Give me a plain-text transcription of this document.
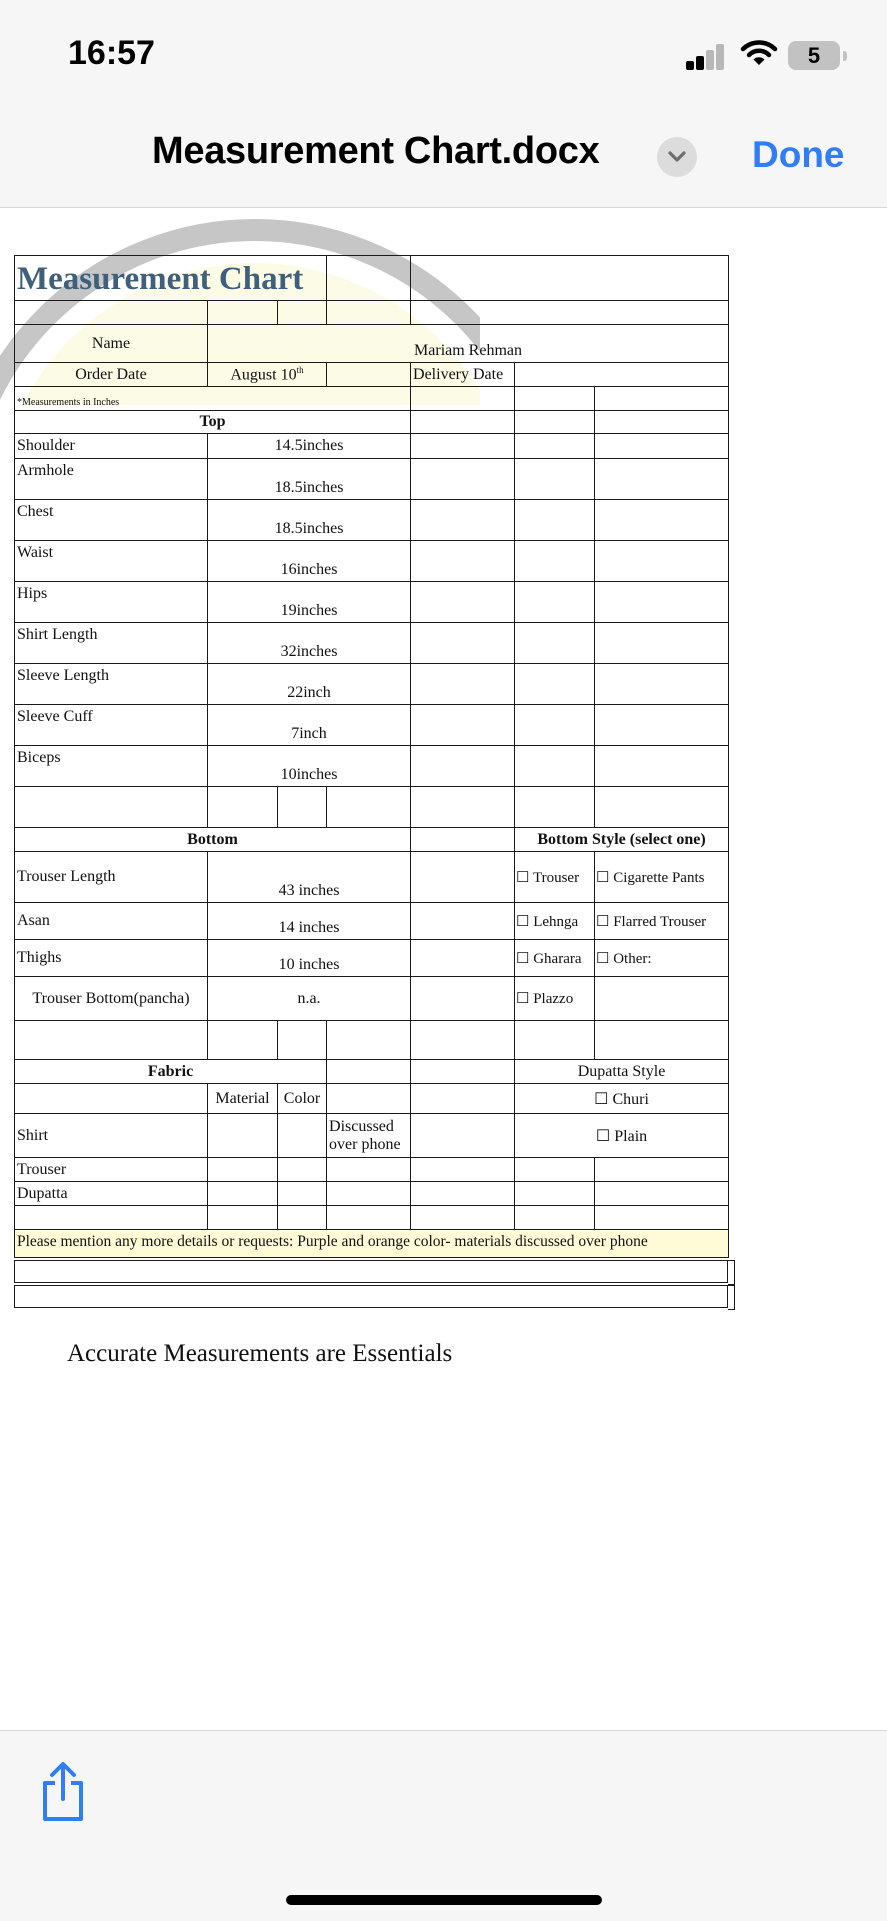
16:57	5
Measurement Chart.docx	Done
Measurement Chart						

Name	Mariam Rehman					
Order Date	August 10th			Delivery Date		
*Measurements in Inches						
Top						
Shoulder	14.5inches					
Armhole	18.5inches					
Chest	18.5inches					
Waist	16inches					
Hips	19inches					
Shirt Length	32inches					
Sleeve Length	22inch					
Sleeve Cuff	7inch					
Biceps	10inches					

Bottom					Bottom Style (select one)	
Trouser Length	43 inches				☐ Trouser	☐ Cigarette Pants
Asan	14 inches				☐ Lehnga	☐ Flarred Trouser
Thighs	10 inches				☐ Gharara	☐ Other:
Trouser Bottom(pancha)	n.a.				☐ Plazzo	

Fabric					Dupatta Style	
	Material	Color			☐ Churi	
Shirt			Discussed over phone		☐ Plain	
Trouser						
Dupatta						

Please mention any more details or requests: Purple and orange color- materials discussed over phone						
Accurate Measurements are Essentials
